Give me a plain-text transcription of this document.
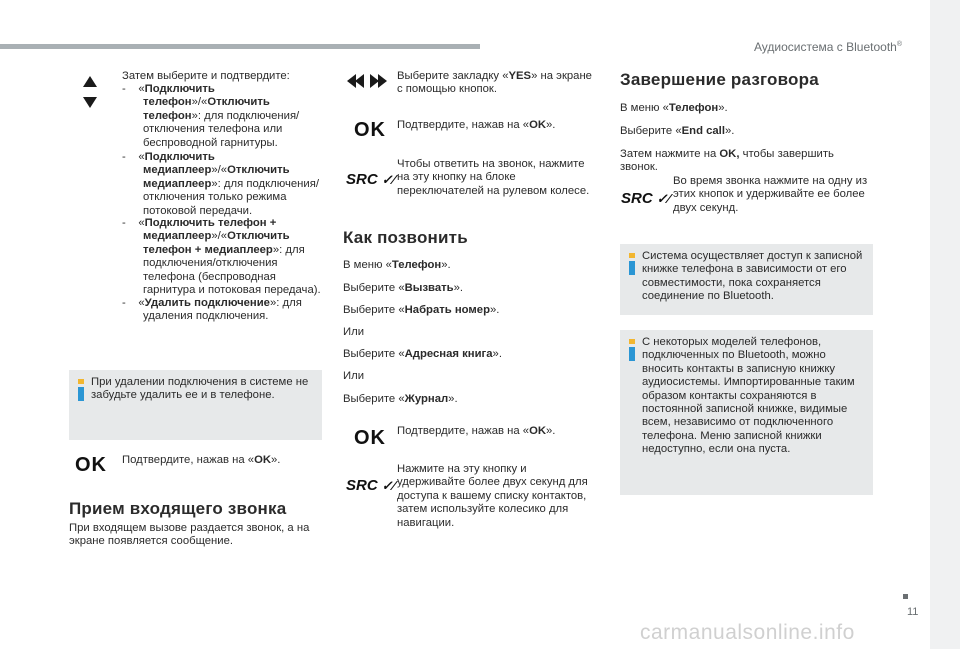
Аудиосистема с Bluetooth®
11
Затем выберите и подтвердите:
-    «Подключить телефон»/«Отключить телефон»: для подключения/отключения телефона или беспроводной гарнитуры.
-    «Подключить медиаплеер»/«Отключить медиаплеер»: для подключения/отключения только режима потоковой передачи.
-    «Подключить телефон + медиаплеер»/«Отключить телефон + медиаплеер»: для подключения/отключения телефона (беспроводная гарнитура и потоковая передача).
-    «Удалить подключение»: для удаления подключения.
При удалении подключения в системе не забудьте удалить ее и в телефоне.
OK Подтвердите, нажав на «OK».
Прием входящего звонка
При входящем вызове раздается звонок, а на экране появляется сообщение.
Выберите закладку «YES» на экране с помощью кнопок.
OK Подтвердите, нажав на «OK».
SRC ✓∕
Чтобы ответить на звонок, нажмите на эту кнопку на блоке переключателей на рулевом колесе.
Как позвонить
В меню «Телефон».
Выберите «Вызвать».
Выберите «Набрать номер».
Или
Выберите «Адресная книга».
Или
Выберите «Журнал».
OK Подтвердите, нажав на «OK».
SRC ✓∕
Нажмите на эту кнопку и удерживайте более двух секунд для доступа к вашему списку контактов, затем используйте колесико для навигации.
Завершение разговора
В меню «Телефон».
Выберите «End call».
Затем нажмите на OK, чтобы завершить звонок.
SRC ✓∕
Во время звонка нажмите на одну из этих кнопок и удерживайте ее более двух секунд.
Система осуществляет доступ к записной книжке телефона в зависимости от его совместимости, пока сохраняется соединение по Bluetooth.
С некоторых моделей телефонов, подключенных по Bluetooth, можно вносить контакты в записную книжку аудиосистемы. Импортированные таким образом контакты сохраняются в постоянной записной книжке, видимые всем, независимо от подключенного телефона. Меню записной книжки недоступно, если она пуста.
carmanualsonline.info
